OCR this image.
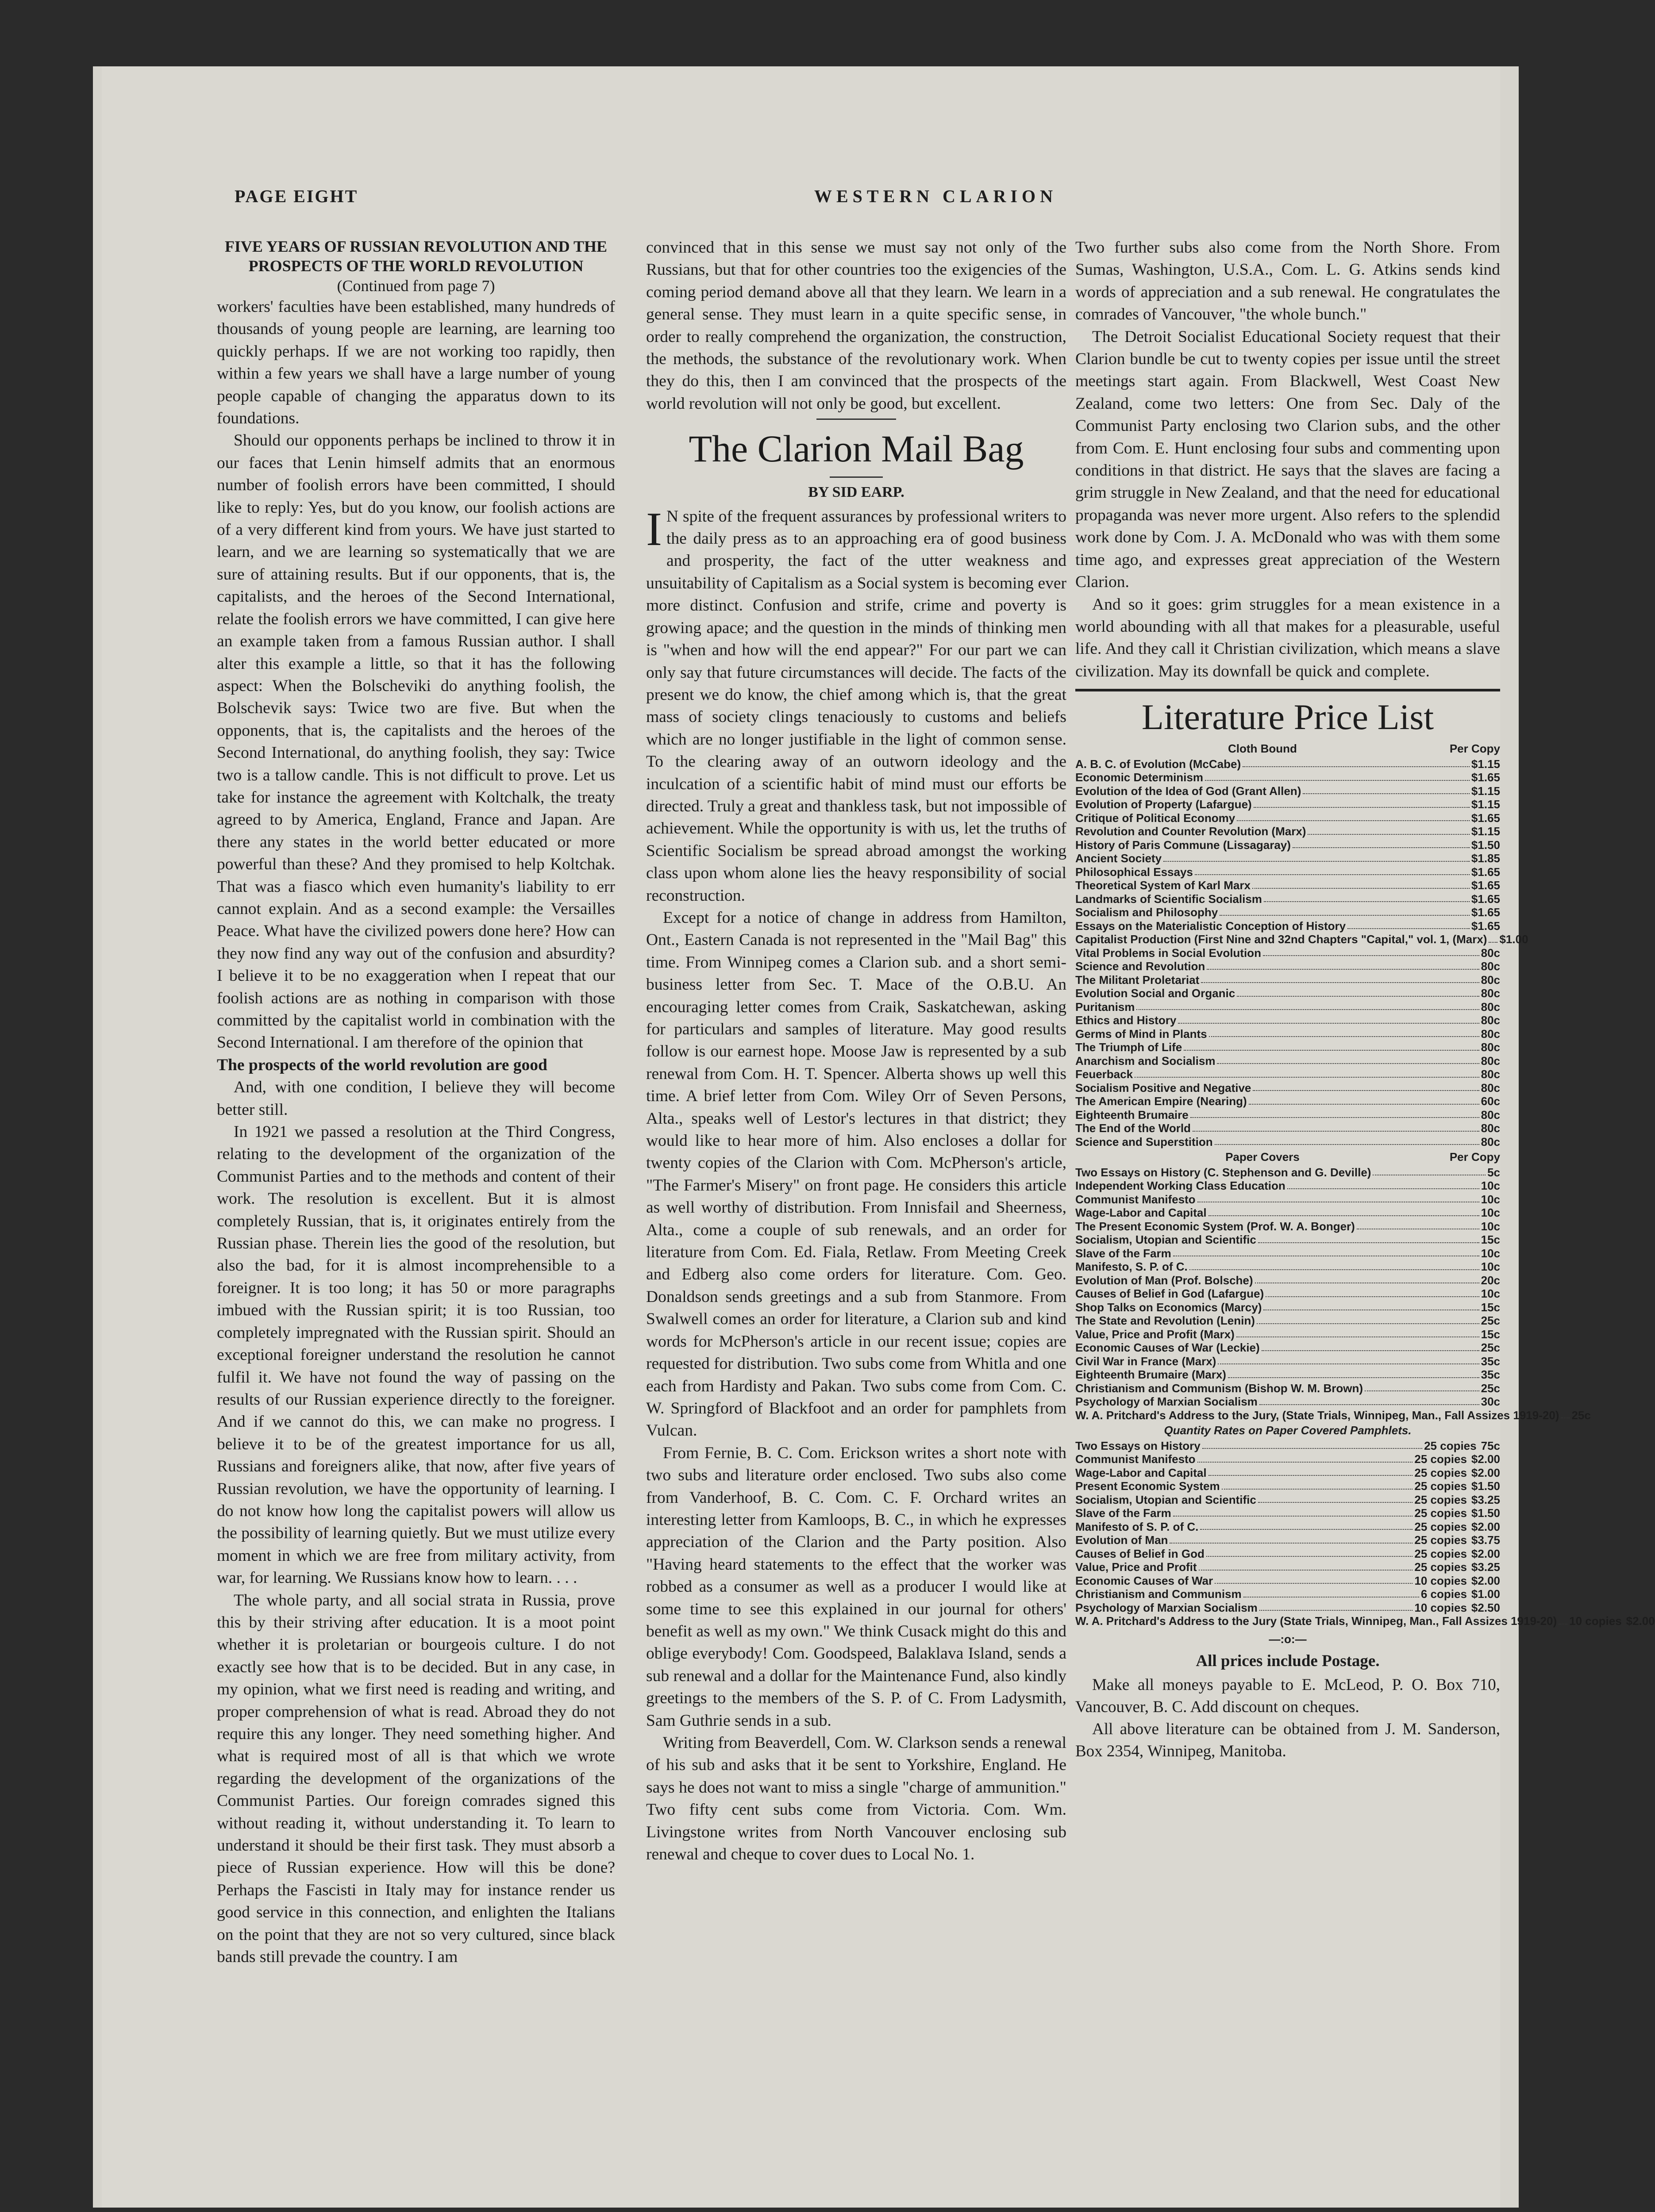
PAGE EIGHT	WESTERN CLARION

FIVE YEARS OF RUSSIAN REVOLUTION AND THE PROSPECTS OF THE WORLD REVOLUTION

(Continued from page 7)

workers' faculties have been established, many hundreds of thousands of young people are learning, are learning too quickly perhaps. If we are not working too rapidly, then within a few years we shall have a large number of young people capable of changing the apparatus down to its foundations.

Should our opponents perhaps be inclined to throw it in our faces that Lenin himself admits that an enormous number of foolish errors have been committed, I should like to reply: Yes, but do you know, our foolish actions are of a very different kind from yours. We have just started to learn, and we are learning so systematically that we are sure of attaining results. But if our opponents, that is, the capitalists, and the heroes of the Second International, relate the foolish errors we have committed, I can give here an example taken from a famous Russian author. I shall alter this example a little, so that it has the following aspect: When the Bolscheviki do anything foolish, the Bolschevik says: Twice two are five. But when the opponents, that is, the capitalists and the heroes of the Second International, do anything foolish, they say: Twice two is a tallow candle. This is not difficult to prove. Let us take for instance the agreement with Koltchalk, the treaty agreed to by America, England, France and Japan. Are there any states in the world better educated or more powerful than these? And they promised to help Koltchak. That was a fiasco which even humanity's liability to err cannot explain. And as a second example: the Versailles Peace. What have the civilized powers done here? How can they now find any way out of the confusion and absurdity? I believe it to be no exaggeration when I repeat that our foolish actions are as nothing in comparison with those committed by the capitalist world in combination with the Second International. I am therefore of the opinion that

The prospects of the world revolution are good

And, with one condition, I believe they will become better still.

In 1921 we passed a resolution at the Third Congress, relating to the development of the organization of the Communist Parties and to the methods and content of their work. The resolution is excellent. But it is almost completely Russian, that is, it originates entirely from the Russian phase. Therein lies the good of the resolution, but also the bad, for it is almost incomprehensible to a foreigner. It is too long; it has 50 or more paragraphs imbued with the Russian spirit; it is too Russian, too completely impregnated with the Russian spirit. Should an exceptional foreigner understand the resolution he cannot fulfil it. We have not found the way of passing on the results of our Russian experience directly to the foreigner. And if we cannot do this, we can make no progress. I believe it to be of the greatest importance for us all, Russians and foreigners alike, that now, after five years of Russian revolution, we have the opportunity of learning. I do not know how long the capitalist powers will allow us the possibility of learning quietly. But we must utilize every moment in which we are free from military activity, from war, for learning. We Russians know how to learn. . . .

The whole party, and all social strata in Russia, prove this by their striving after education. It is a moot point whether it is proletarian or bourgeois culture. I do not exactly see how that is to be decided. But in any case, in my opinion, what we first need is reading and writing, and proper comprehension of what is read. Abroad they do not require this any longer. They need something higher. And what is required most of all is that which we wrote regarding the development of the organizations of the Communist Parties. Our foreign comrades signed this without reading it, without understanding it. To learn to understand it should be their first task. They must absorb a piece of Russian experience. How will this be done? Perhaps the Fascisti in Italy may for instance render us good service in this connection, and enlighten the Italians on the point that they are not so very cultured, since black bands still prevade the country. I am

convinced that in this sense we must say not only of the Russians, but that for other countries too the exigencies of the coming period demand above all that they learn. We learn in a general sense. They must learn in a quite specific sense, in order to really comprehend the organization, the construction, the methods, the substance of the revolutionary work. When they do this, then I am convinced that the prospects of the world revolution will not only be good, but excellent.

The Clarion Mail Bag
BY SID EARP.

I N spite of the frequent assurances by professional writers to the daily press as to an approaching era of good business and prosperity, the fact of the utter weakness and unsuitability of Capitalism as a Social system is becoming ever more distinct. Confusion and strife, crime and poverty is growing apace; and the question in the minds of thinking men is "when and how will the end appear?" For our part we can only say that future circumstances will decide. The facts of the present we do know, the chief among which is, that the great mass of society clings tenaciously to customs and beliefs which are no longer justifiable in the light of common sense. To the clearing away of an outworn ideology and the inculcation of a scientific habit of mind must our efforts be directed. Truly a great and thankless task, but not impossible of achievement. While the opportunity is with us, let the truths of Scientific Socialism be spread abroad amongst the working class upon whom alone lies the heavy responsibility of social reconstruction.

Except for a notice of change in address from Hamilton, Ont., Eastern Canada is not represented in the "Mail Bag" this time. From Winnipeg comes a Clarion sub. and a short semi-business letter from Sec. T. Mace of the O.B.U. An encouraging letter comes from Craik, Saskatchewan, asking for particulars and samples of literature. May good results follow is our earnest hope. Moose Jaw is represented by a sub renewal from Com. H. T. Spencer. Alberta shows up well this time. A brief letter from Com. Wiley Orr of Seven Persons, Alta., speaks well of Lestor's lectures in that district; they would like to hear more of him. Also encloses a dollar for twenty copies of the Clarion with Com. McPherson's article, "The Farmer's Misery" on front page. He considers this article as well worthy of distribution. From Innisfail and Sheerness, Alta., come a couple of sub renewals, and an order for literature from Com. Ed. Fiala, Retlaw. From Meeting Creek and Edberg also come orders for literature. Com. Geo. Donaldson sends greetings and a sub from Stanmore. From Swalwell comes an order for literature, a Clarion sub and kind words for McPherson's article in our recent issue; copies are requested for distribution. Two subs come from Whitla and one each from Hardisty and Pakan. Two subs come from Com. C. W. Springford of Blackfoot and an order for pamphlets from Vulcan.

From Fernie, B. C. Com. Erickson writes a short note with two subs and literature order enclosed. Two subs also come from Vanderhoof, B. C. Com. C. F. Orchard writes an interesting letter from Kamloops, B. C., in which he expresses appreciation of the Clarion and the Party position. Also "Having heard statements to the effect that the worker was robbed as a consumer as well as a producer I would like at some time to see this explained in our journal for others' benefit as well as my own." We think Cusack might do this and oblige everybody! Com. Goodspeed, Balaklava Island, sends a sub renewal and a dollar for the Maintenance Fund, also kindly greetings to the members of the S. P. of C. From Ladysmith, Sam Guthrie sends in a sub.

Writing from Beaverdell, Com. W. Clarkson sends a renewal of his sub and asks that it be sent to Yorkshire, England. He says he does not want to miss a single "charge of ammunition." Two fifty cent subs come from Victoria. Com. Wm. Livingstone writes from North Vancouver enclosing sub renewal and cheque to cover dues to Local No. 1.

Two further subs also come from the North Shore. From Sumas, Washington, U.S.A., Com. L. G. Atkins sends kind words of appreciation and a sub renewal. He congratulates the comrades of Vancouver, "the whole bunch."

The Detroit Socialist Educational Society request that their Clarion bundle be cut to twenty copies per issue until the street meetings start again. From Blackwell, West Coast New Zealand, come two letters: One from Sec. Daly of the Communist Party enclosing two Clarion subs, and the other from Com. E. Hunt enclosing four subs and commenting upon conditions in that district. He says that the slaves are facing a grim struggle in New Zealand, and that the need for educational propaganda was never more urgent. Also refers to the splendid work done by Com. J. A. McDonald who was with them some time ago, and expresses great appreciation of the Western Clarion.

And so it goes: grim struggles for a mean existence in a world abounding with all that makes for a pleasurable, useful life. And they call it Christian civilization, which means a slave civilization. May its downfall be quick and complete.

Literature Price List
Cloth Bound	Per Copy
A. B. C. of Evolution (McCabe)	$1.15
Economic Determinism	$1.65
Evolution of the Idea of God (Grant Allen)	$1.15
Evolution of Property (Lafargue)	$1.15
Critique of Political Economy	$1.65
Revolution and Counter Revolution (Marx)	$1.15
History of Paris Commune (Lissagaray)	$1.50
Ancient Society	$1.85
Philosophical Essays	$1.65
Theoretical System of Karl Marx	$1.65
Landmarks of Scientific Socialism	$1.65
Socialism and Philosophy	$1.65
Essays on the Materialistic Conception of History	$1.65
Capitalist Production (First Nine and 32nd Chapters "Capital," vol. 1, (Marx) $1.00
Vital Problems in Social Evolution	80c
Science and Revolution	80c
The Militant Proletariat	80c
Evolution Social and Organic	80c
Puritanism	80c
Ethics and History	80c
Germs of Mind in Plants	80c
The Triumph of Life	80c
Anarchism and Socialism	80c
Feuerback	80c
Socialism Positive and Negative	80c
The American Empire (Nearing)	60c
Eighteenth Brumaire	80c
The End of the World	80c
Science and Superstition	80c
Paper Covers	Per Copy
Two Essays on History (C. Stephenson and G. Deville)	5c
Independent Working Class Education	10c
Communist Manifesto	10c
Wage-Labor and Capital	10c
The Present Economic System (Prof. W. A. Bonger)	10c
Socialism, Utopian and Scientific	15c
Slave of the Farm	10c
Manifesto, S. P. of C.	10c
Evolution of Man (Prof. Bolsche)	20c
Causes of Belief in God (Lafargue)	10c
Shop Talks on Economics (Marcy)	15c
The State and Revolution (Lenin)	25c
Value, Price and Profit (Marx)	15c
Economic Causes of War (Leckie)	25c
Civil War in France (Marx)	35c
Eighteenth Brumaire (Marx)	35c
Christianism and Communism (Bishop W. M. Brown)	25c
Psychology of Marxian Socialism	30c
W. A. Pritchard's Address to the Jury, (State Trials, Winnipeg, Man., Fall Assizes 1919-20) 25c
Quantity Rates on Paper Covered Pamphlets.
Two Essays on History	25 copies 75c
Communist Manifesto	25 copies $2.00
Wage-Labor and Capital	25 copies $2.00
Present Economic System	25 copies $1.50
Socialism, Utopian and Scientific	25 copies $3.25
Slave of the Farm	25 copies $1.50
Manifesto of S. P. of C.	25 copies $2.00
Evolution of Man	25 copies $3.75
Causes of Belief in God	25 copies $2.00
Value, Price and Profit	25 copies $3.25
Economic Causes of War	10 copies $2.00
Christianism and Communism	6 copies $1.00
Psychology of Marxian Socialism	10 copies $2.50
W. A. Pritchard's Address to the Jury (State Trials, Winnipeg, Man., Fall Assizes 1919-20) 10 copies $2.00
—:o:—
All prices include Postage.

Make all moneys payable to E. McLeod, P. O. Box 710, Vancouver, B. C. Add discount on cheques.

All above literature can be obtained from J. M. Sanderson, Box 2354, Winnipeg, Manitoba.
